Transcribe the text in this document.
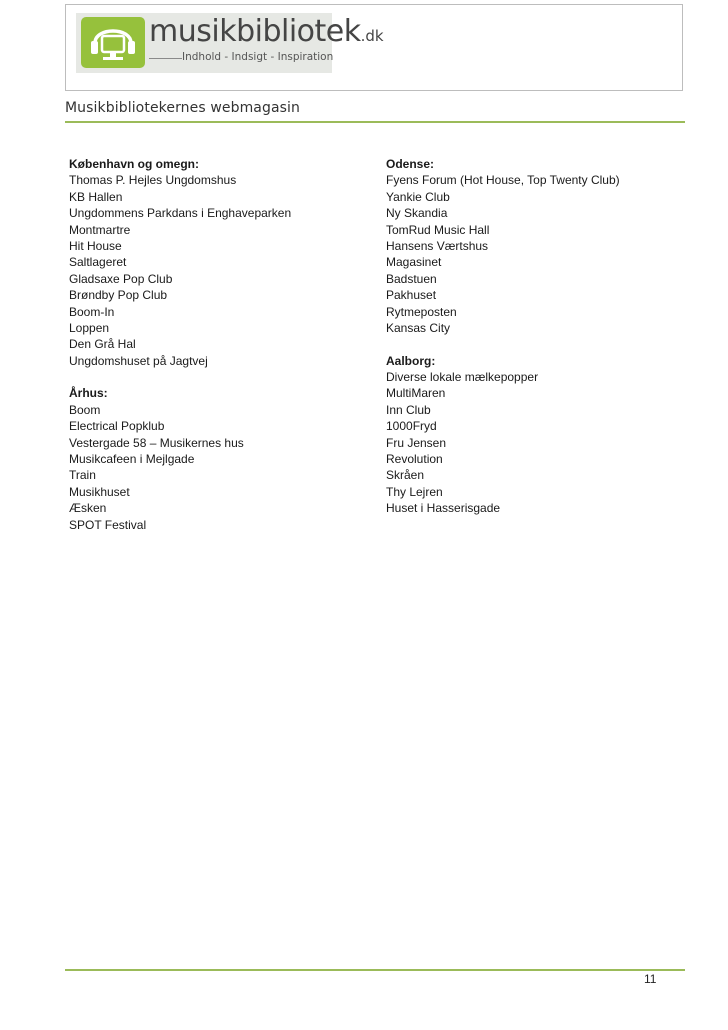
musikbibliotek.dk
Indhold - Indsigt - Inspiration
Musikbibliotekernes webmagasin
København og omegn:
Thomas P. Hejles Ungdomshus
KB Hallen
Ungdommens Parkdans i Enghaveparken
Montmartre
Hit House
Saltlageret
Gladsaxe Pop Club
Brøndby Pop Club
Boom-In
Loppen
Den Grå Hal
Ungdomshuset på Jagtvej
Århus:
Boom
Electrical Popklub
Vestergade 58 – Musikernes hus
Musikcafeen i Mejlgade
Train
Musikhuset
Æsken
SPOT Festival
Odense:
Fyens Forum (Hot House, Top Twenty Club)
Yankie Club
Ny Skandia
TomRud Music Hall
Hansens Værtshus
Magasinet
Badstuen
Pakhuset
Rytmeposten
Kansas City
Aalborg:
Diverse lokale mælkepopper
MultiMaren
Inn Club
1000Fryd
Fru Jensen
Revolution
Skråen
Thy Lejren
Huset i Hasserisgade
11
